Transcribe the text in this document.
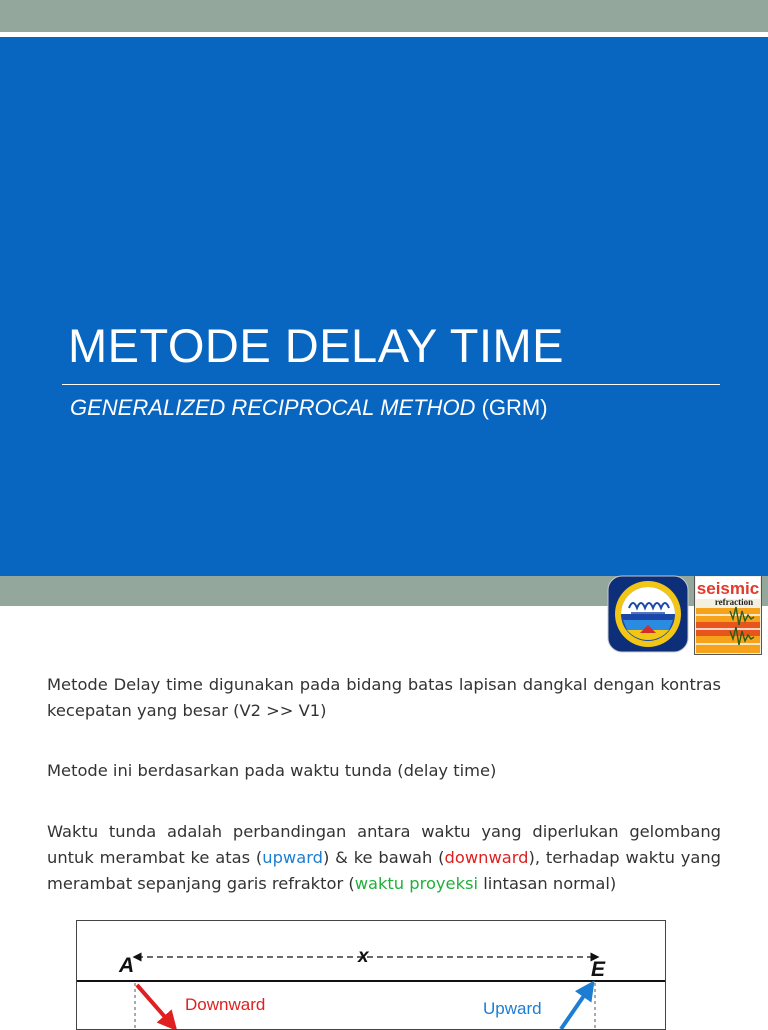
METODE DELAY TIME

GENERALIZED RECIPROCAL METHOD (GRM)

seismic
refraction

Metode Delay time digunakan pada bidang batas lapisan dangkal dengan kontras kecepatan yang besar (V2 >> V1)

Metode ini berdasarkan pada waktu tunda (delay time)

Waktu tunda adalah perbandingan antara waktu yang diperlukan gelombang untuk merambat ke atas (upward) & ke bawah (downward), terhadap waktu yang merambat sepanjang garis refraktor (waktu proyeksi lintasan normal)

A	E
x
Downward	Upward
